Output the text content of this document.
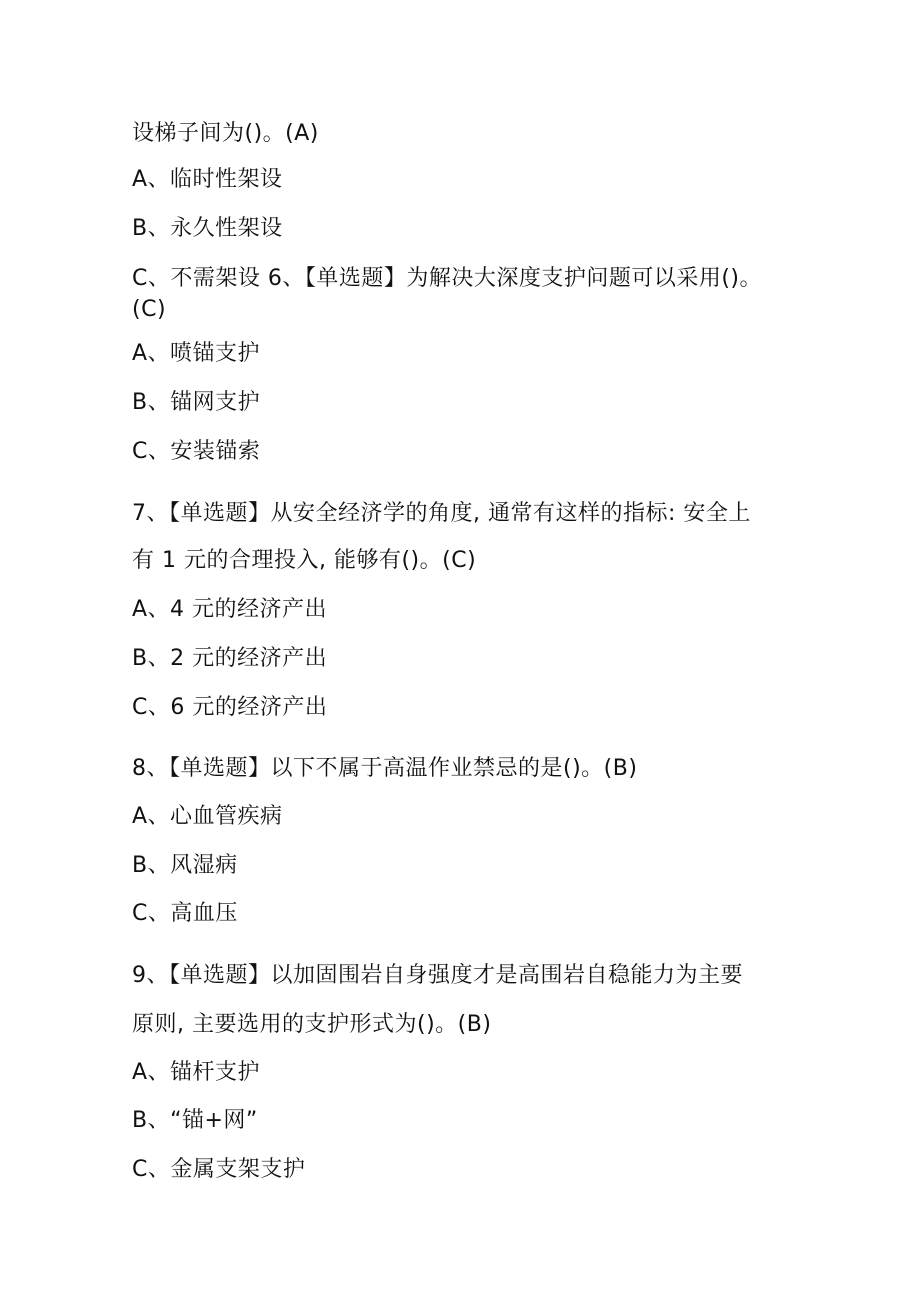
设梯子间为()。(A)
A、临时性架设
B、永久性架设
C、不需架设 6、【单选题】为解决大深度支护问题可以采用()。
(C)
A、喷锚支护
B、锚网支护
C、安装锚索
7、【单选题】从安全经济学的角度, 通常有这样的指标: 安全上
有 1 元的合理投入, 能够有()。(C)
A、4 元的经济产出
B、2 元的经济产出
C、6 元的经济产出
8、【单选题】以下不属于高温作业禁忌的是()。(B)
A、心血管疾病
B、风湿病
C、高血压
9、【单选题】以加固围岩自身强度才是高围岩自稳能力为主要
原则, 主要选用的支护形式为()。(B)
A、锚杆支护
B、“锚+网”
C、金属支架支护
